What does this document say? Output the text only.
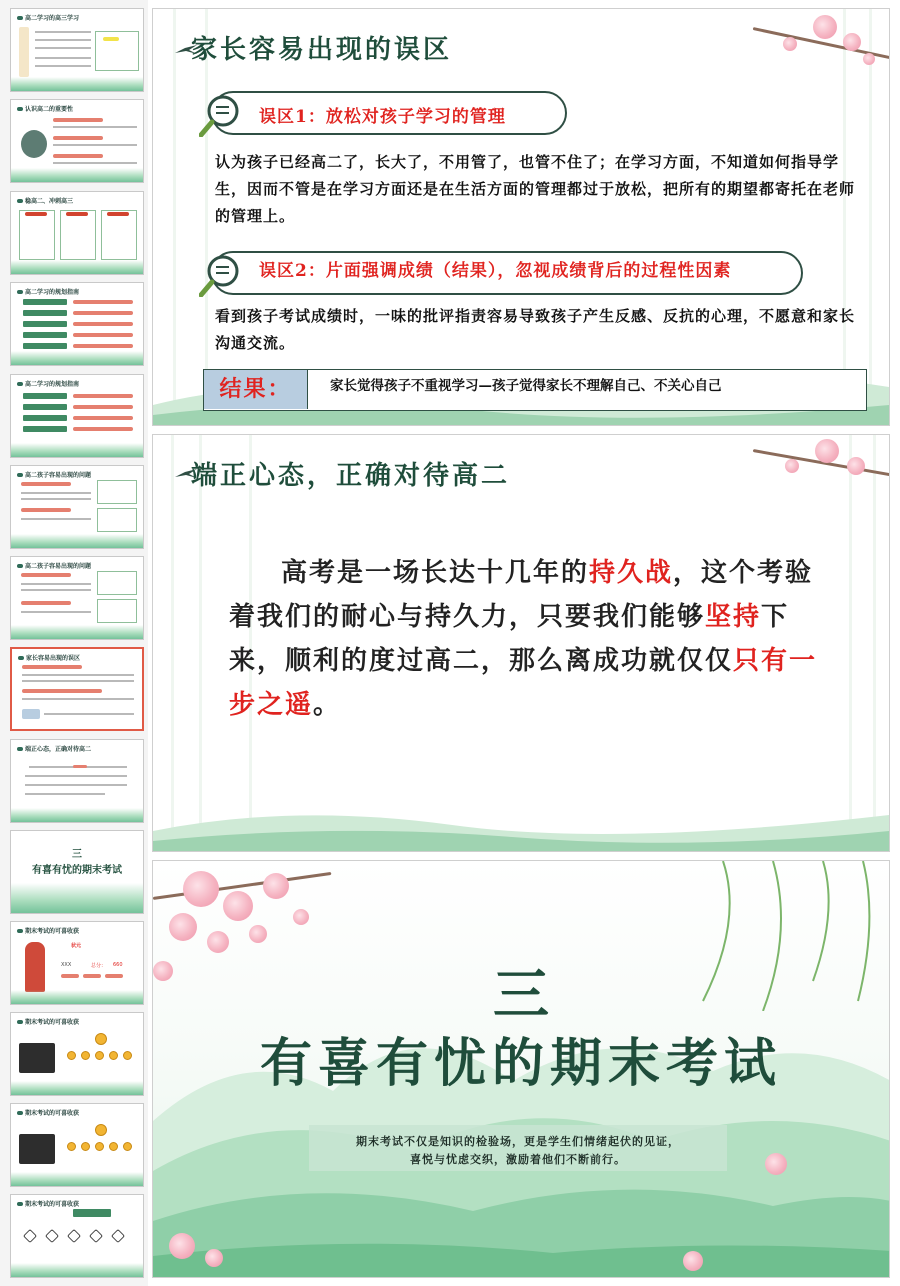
高二学习的高三学习
认识高二的重要性
稳高二、冲刺高三
高二学习的规划指南
高二学习的规划指南
高二孩子容易出现的问题
高二孩子容易出现的问题
家长容易出现的误区
端正心态，正确对待高二
三
有喜有忧的期末考试
期末考试的可喜收获
状元
XXX	总分： 660
期末考试的可喜收获
期末考试的可喜收获
期末考试的可喜收获
家长容易出现的误区
误区1：放松对孩子学习的管理
认为孩子已经高二了，长大了，不用管了，也管不住了；在学习方面，不知道如何指导学生，因而不管是在学习方面还是在生活方面的管理都过于放松，把所有的期望都寄托在老师的管理上。
误区2：片面强调成绩（结果），忽视成绩背后的过程性因素
看到孩子考试成绩时，一味的批评指责容易导致孩子产生反感、反抗的心理，不愿意和家长沟通交流。
结果：	家长觉得孩子不重视学习—孩子觉得家长不理解自己、不关心自己
端正心态，正确对待高二
高考是一场长达十几年的持久战，这个考验着我们的耐心与持久力，只要我们能够坚持下来，顺利的度过高二，那么离成功就仅仅只有一步之遥。
三
有喜有忧的期末考试
期末考试不仅是知识的检验场，更是学生们情绪起伏的见证，
喜悦与忧虑交织，激励着他们不断前行。
